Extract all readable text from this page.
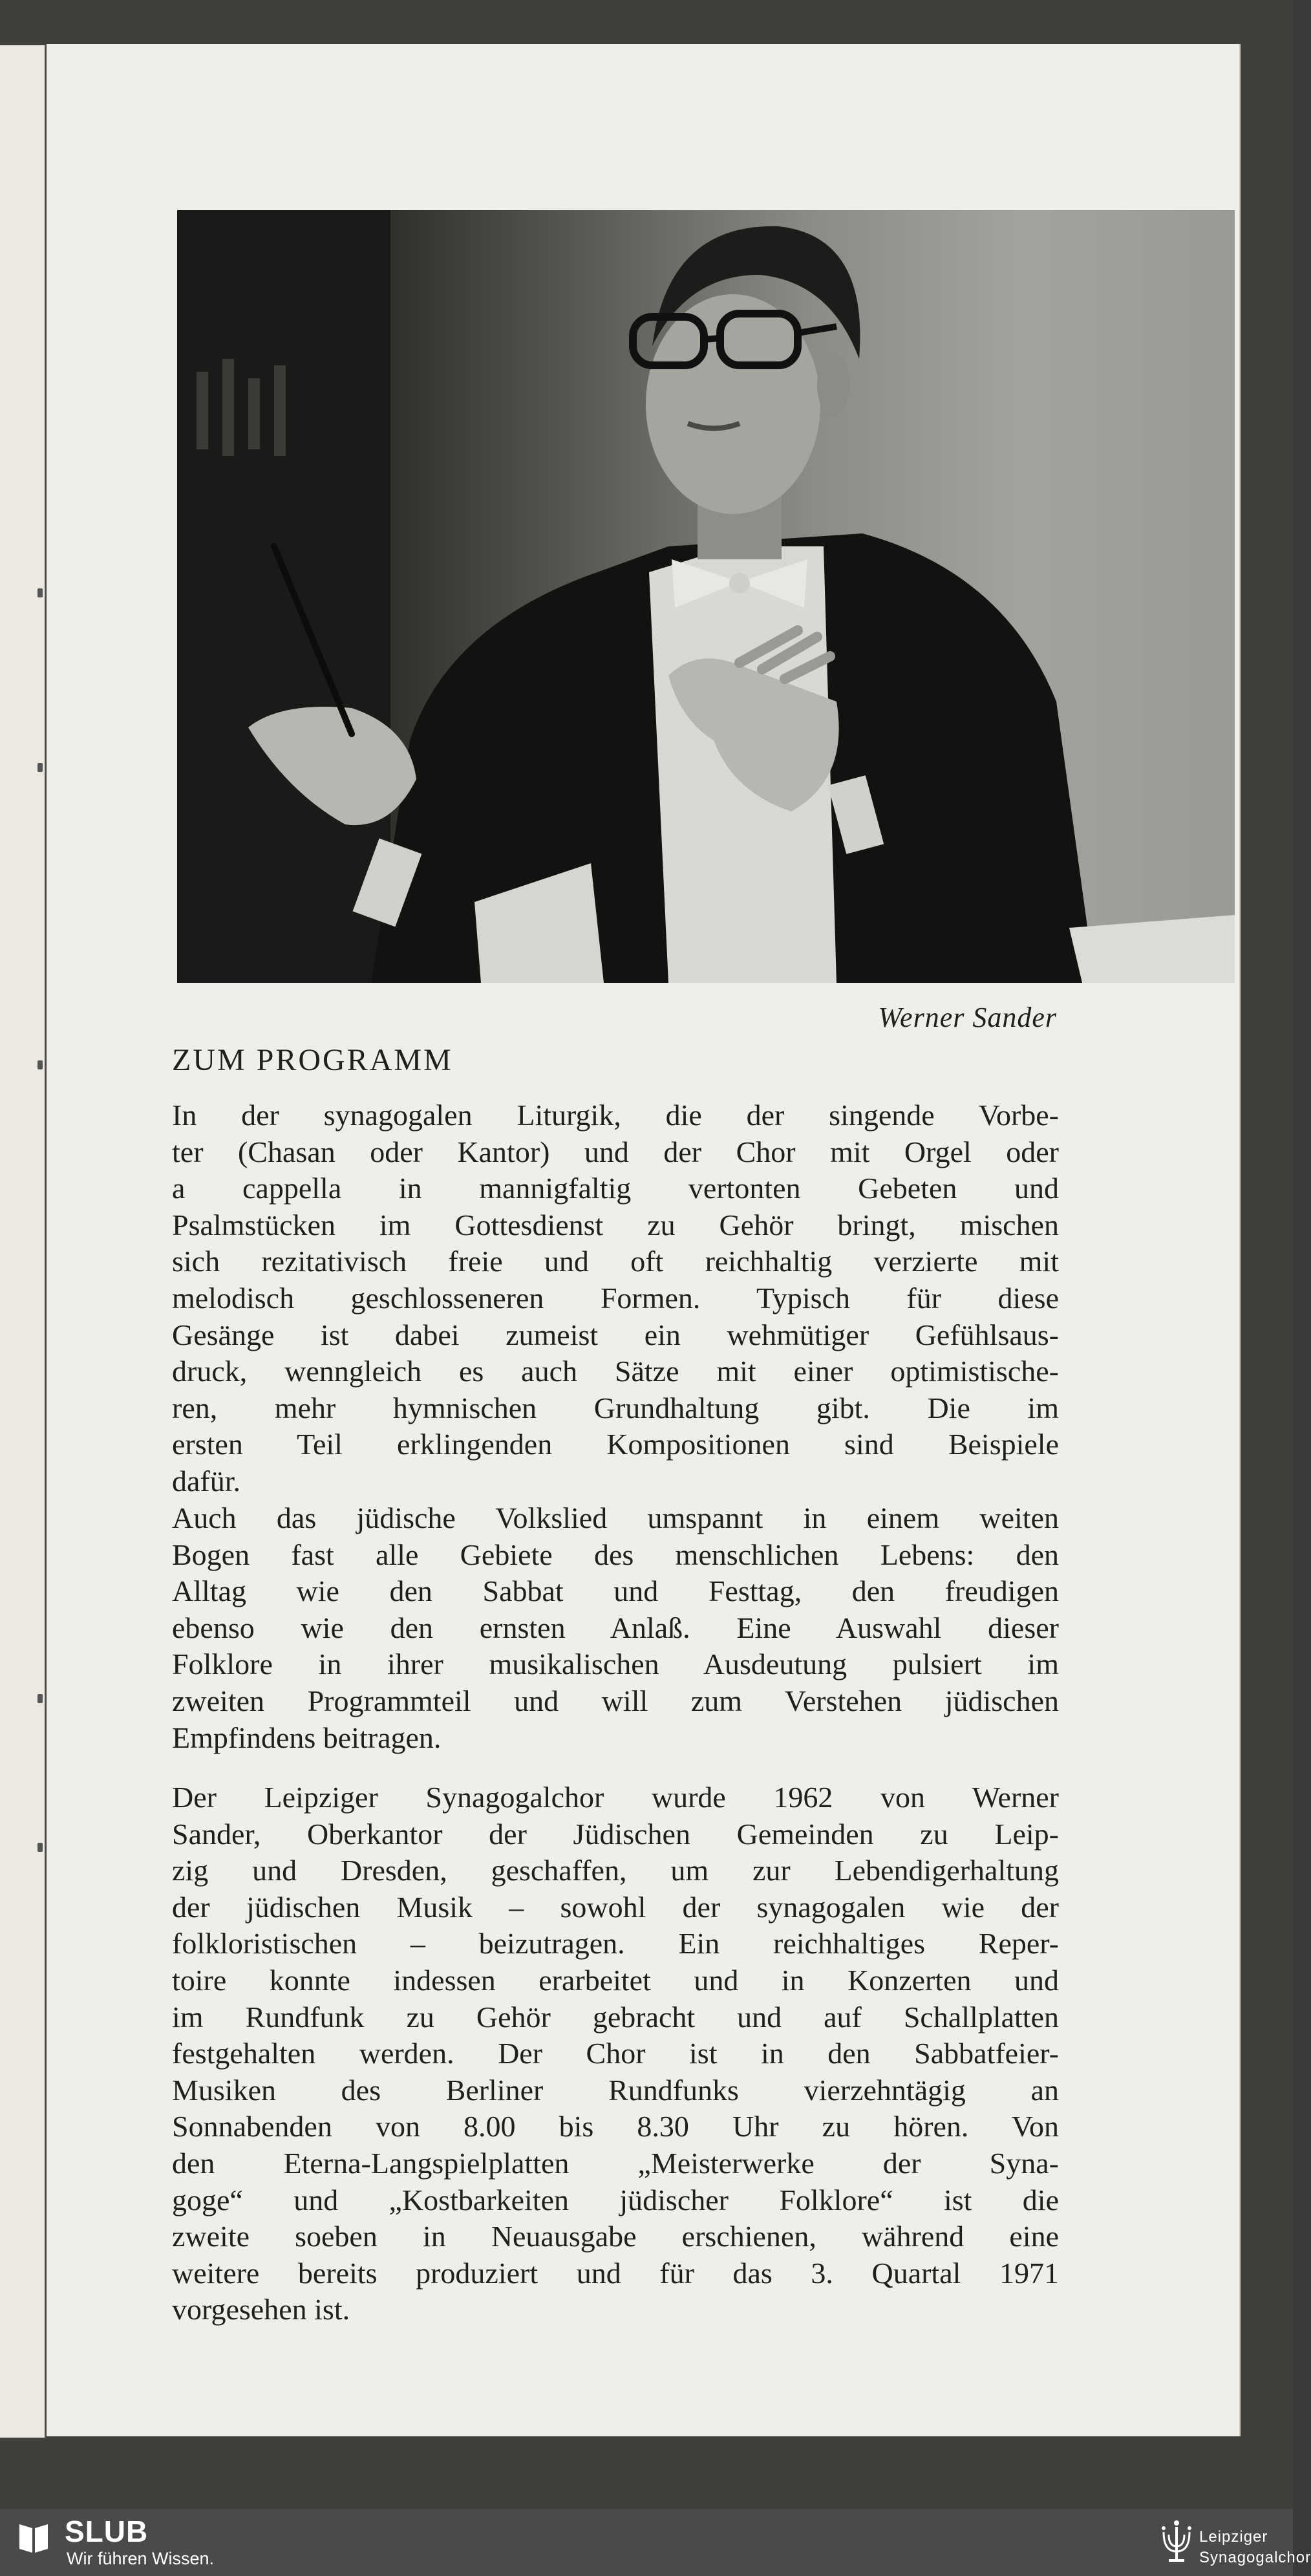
Werner Sander
ZUM PROGRAMM
In der synagogalen Liturgik, die der singende Vorbe-
ter (Chasan oder Kantor) und der Chor mit Orgel oder
a cappella in mannigfaltig vertonten Gebeten und
Psalmstücken im Gottesdienst zu Gehör bringt, mischen
sich rezitativisch freie und oft reichhaltig verzierte mit
melodisch geschlosseneren Formen. Typisch für diese
Gesänge ist dabei zumeist ein wehmütiger Gefühlsaus-
druck, wenngleich es auch Sätze mit einer optimistische-
ren, mehr hymnischen Grundhaltung gibt. Die im
ersten Teil erklingenden Kompositionen sind Beispiele
dafür.
Auch das jüdische Volkslied umspannt in einem weiten
Bogen fast alle Gebiete des menschlichen Lebens: den
Alltag wie den Sabbat und Festtag, den freudigen
ebenso wie den ernsten Anlaß. Eine Auswahl dieser
Folklore in ihrer musikalischen Ausdeutung pulsiert im
zweiten Programmteil und will zum Verstehen jüdischen
Empfindens beitragen.
Der Leipziger Synagogalchor wurde 1962 von Werner
Sander, Oberkantor der Jüdischen Gemeinden zu Leip-
zig und Dresden, geschaffen, um zur Lebendigerhaltung
der jüdischen Musik – sowohl der synagogalen wie der
folkloristischen – beizutragen. Ein reichhaltiges Reper-
toire konnte indessen erarbeitet und in Konzerten und
im Rundfunk zu Gehör gebracht und auf Schallplatten
festgehalten werden. Der Chor ist in den Sabbatfeier-
Musiken des Berliner Rundfunks vierzehntägig an
Sonnabenden von 8.00 bis 8.30 Uhr zu hören. Von
den Eterna-Langspielplatten „Meisterwerke der Syna-
goge“ und „Kostbarkeiten jüdischer Folklore“ ist die
zweite soeben in Neuausgabe erschienen, während eine
weitere bereits produziert und für das 3. Quartal 1971
vorgesehen ist.
SLUB
Wir führen Wissen.
Leipziger
Synagogalchor
